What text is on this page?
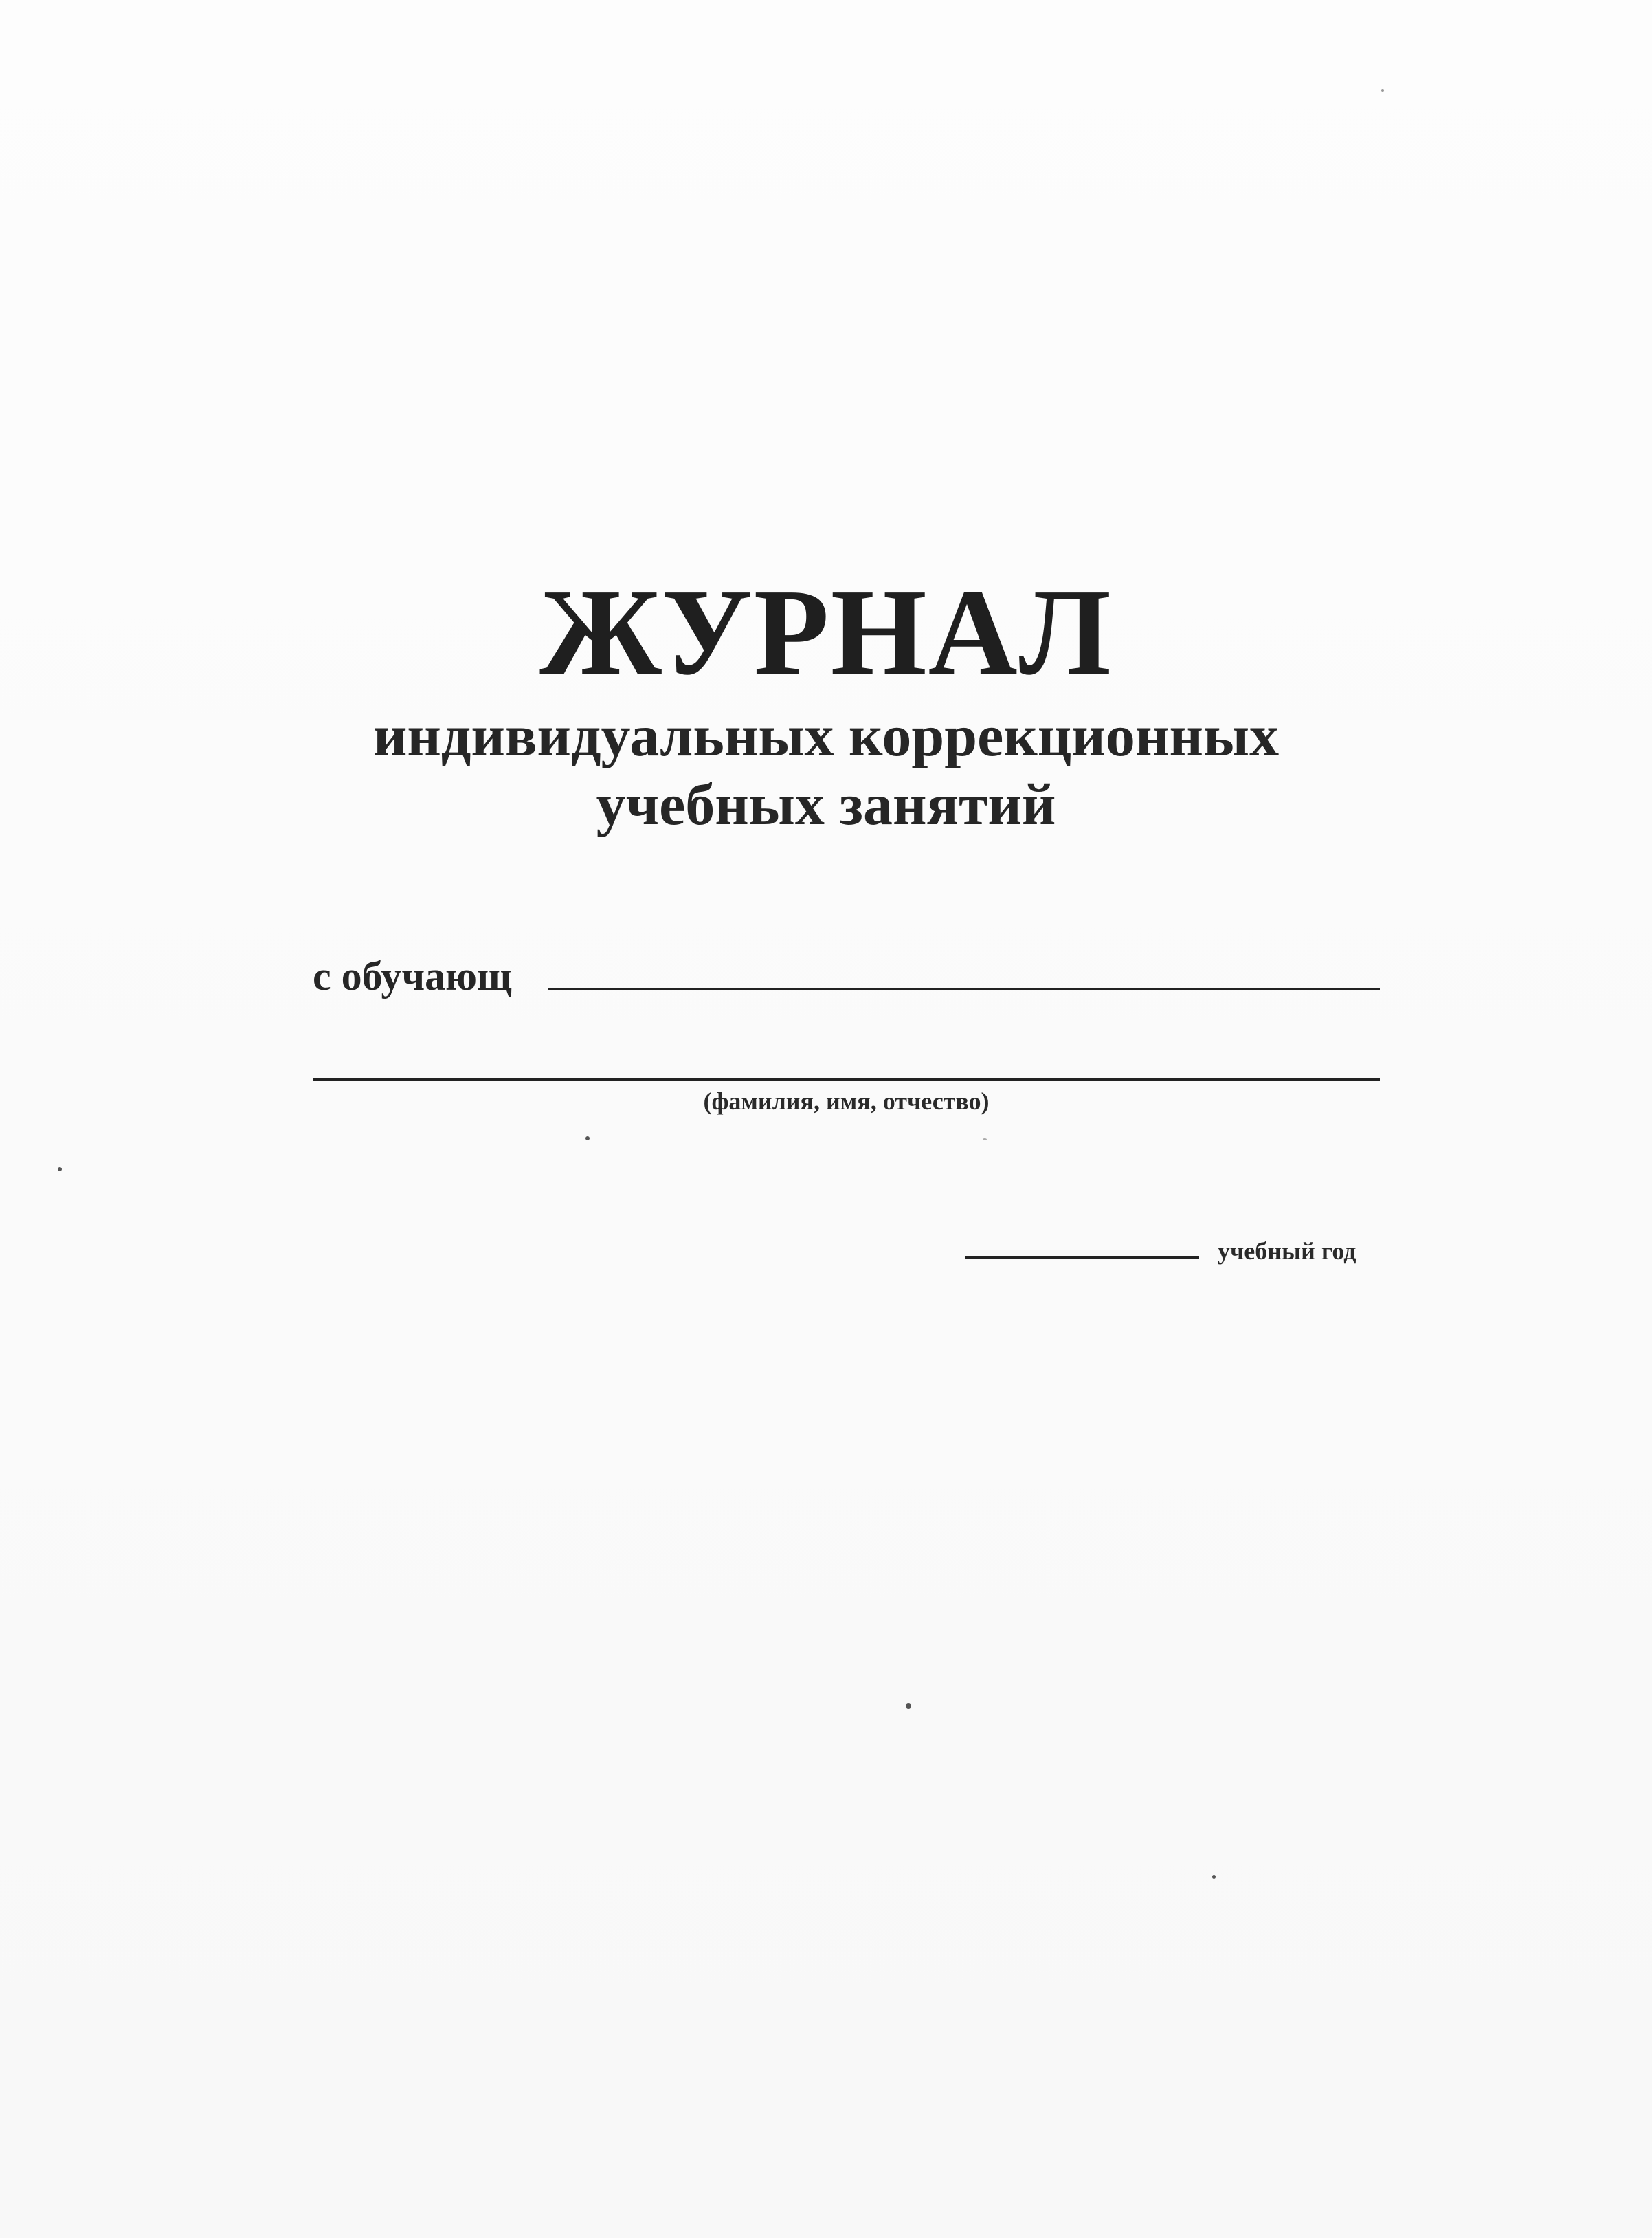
ЖУРНАЛ
индивидуальных коррекционных
учебных занятий
с обучающ
(фамилия, имя, отчество)
учебный год
